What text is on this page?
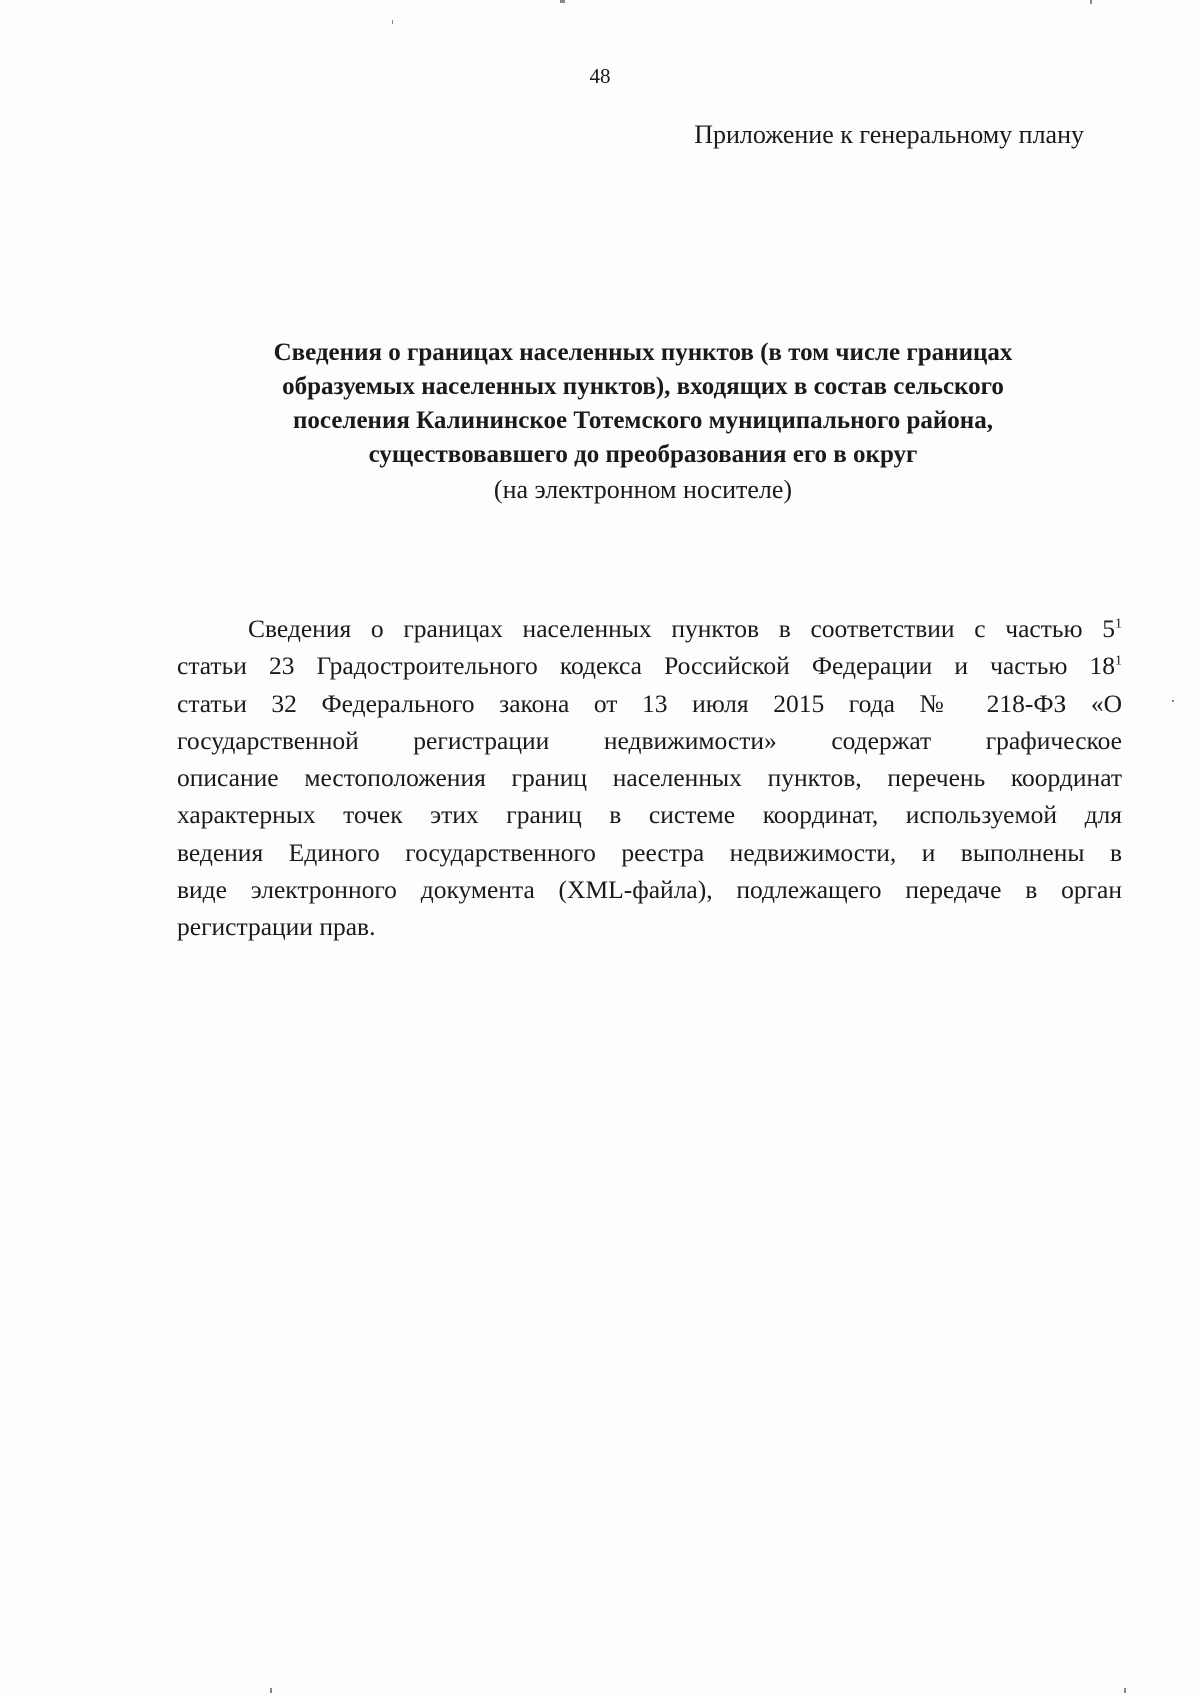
48
Приложение к генеральному плану
Сведения о границах населенных пунктов (в том числе границах
образуемых населенных пунктов), входящих в состав сельского
поселения Калининское Тотемского муниципального района,
существовавшего до преобразования его в округ
(на электронном носителе)
Сведения о границах населенных пунктов в соответствии с частью $5^1$
статьи 23 Градостроительного кодекса Российской Федерации и частью $18^1$
статьи 32 Федерального закона от 13 июля 2015 года № 218-ФЗ «О
государственной регистрации недвижимости» содержат графическое
описание местоположения границ населенных пунктов, перечень координат
характерных точек этих границ в системе координат, используемой для
ведения Единого государственного реестра недвижимости, и выполнены в
виде электронного документа (XML-файла), подлежащего передаче в орган
регистрации прав.
